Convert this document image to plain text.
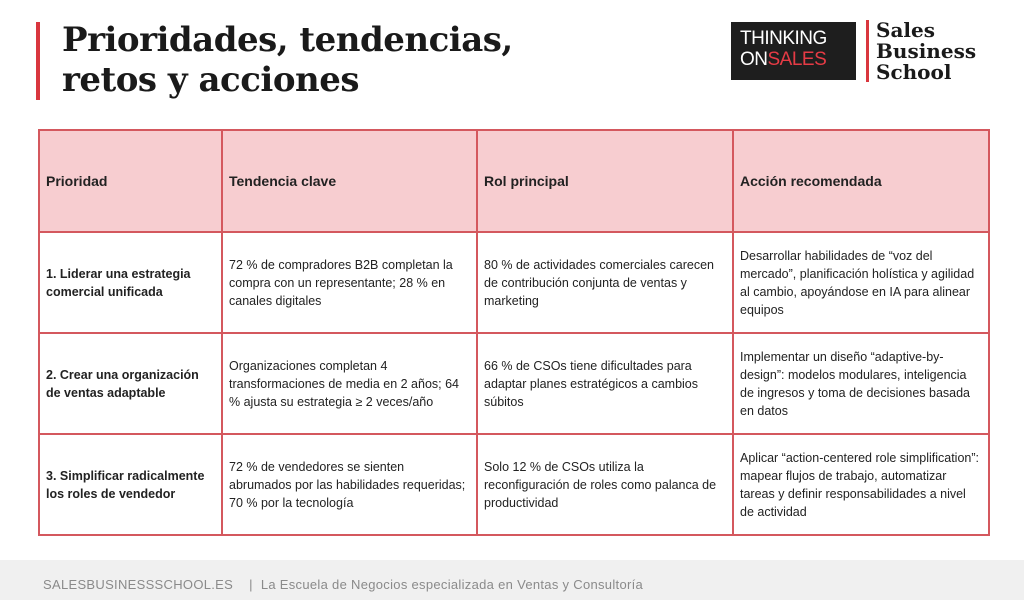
Prioridades, tendencias,
retos y acciones
THINKING
ONSALES
Sales
Business
School
Prioridad	Tendencia clave	Rol principal	Acción recomendada
1. Liderar una estrategia comercial unificada	72 % de compradores B2B completan la compra con un representante; 28 % en canales digitales	80 % de actividades comerciales carecen de contribución conjunta de ventas y marketing	Desarrollar habilidades de “voz del mercado”, planificación holística y agilidad al cambio, apoyándose en IA para alinear equipos
2. Crear una organización de ventas adaptable	Organizaciones completan 4 transformaciones de media en 2 años; 64 % ajusta su estrategia ≥ 2 veces/año	66 % de CSOs tiene dificultades para adaptar planes estratégicos a cambios súbitos	Implementar un diseño “adaptive-by-design”: modelos modulares, inteligencia de ingresos y toma de decisiones basada en datos
3. Simplificar radicalmente los roles de vendedor	72 % de vendedores se sienten abrumados por las habilidades requeridas; 70 % por la tecnología	Solo 12 % de CSOs utiliza la reconfiguración de roles como palanca de productividad	Aplicar “action-centered role simplification”: mapear flujos de trabajo, automatizar tareas y definir responsabilidades a nivel de actividad
SALESBUSINESSSCHOOL.ES | La Escuela de Negocios especializada en Ventas y Consultoría
